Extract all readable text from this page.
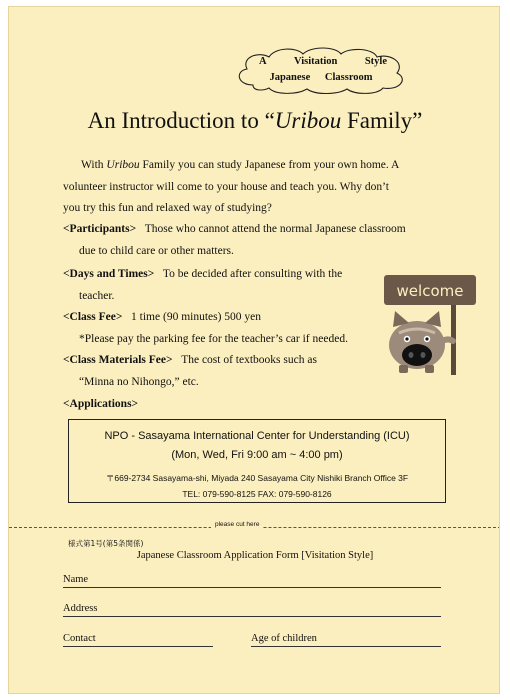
A	Visitation	Style
Japanese Classroom
An Introduction to “Uribou Family”
With Uribou Family you can study Japanese from your own home. A
volunteer instructor will come to your house and teach you. Why don’t
you try this fun and relaxed way of studying?
<Participants> Those who cannot attend the normal Japanese classroom
due to child care or other matters.
<Days and Times> To be decided after consulting with the
teacher.
<Class Fee> 1 time (90 minutes) 500 yen
*Please pay the parking fee for the teacher’s car if needed.
<Class Materials Fee> The cost of textbooks such as
“Minna no Nihongo,” etc.
<Applications>
welcome
NPO - Sasayama International Center for Understanding (ICU)
(Mon, Wed, Fri 9:00 am ~ 4:00 pm)
〒669-2734 Sasayama-shi, Miyada 240 Sasayama City Nishiki Branch Office 3F
TEL: 079-590-8125 FAX: 079-590-8126
please cut here
様式第1号(第5条関係)
Japanese Classroom Application Form [Visitation Style]
Name
Address
Contact	Age of children
